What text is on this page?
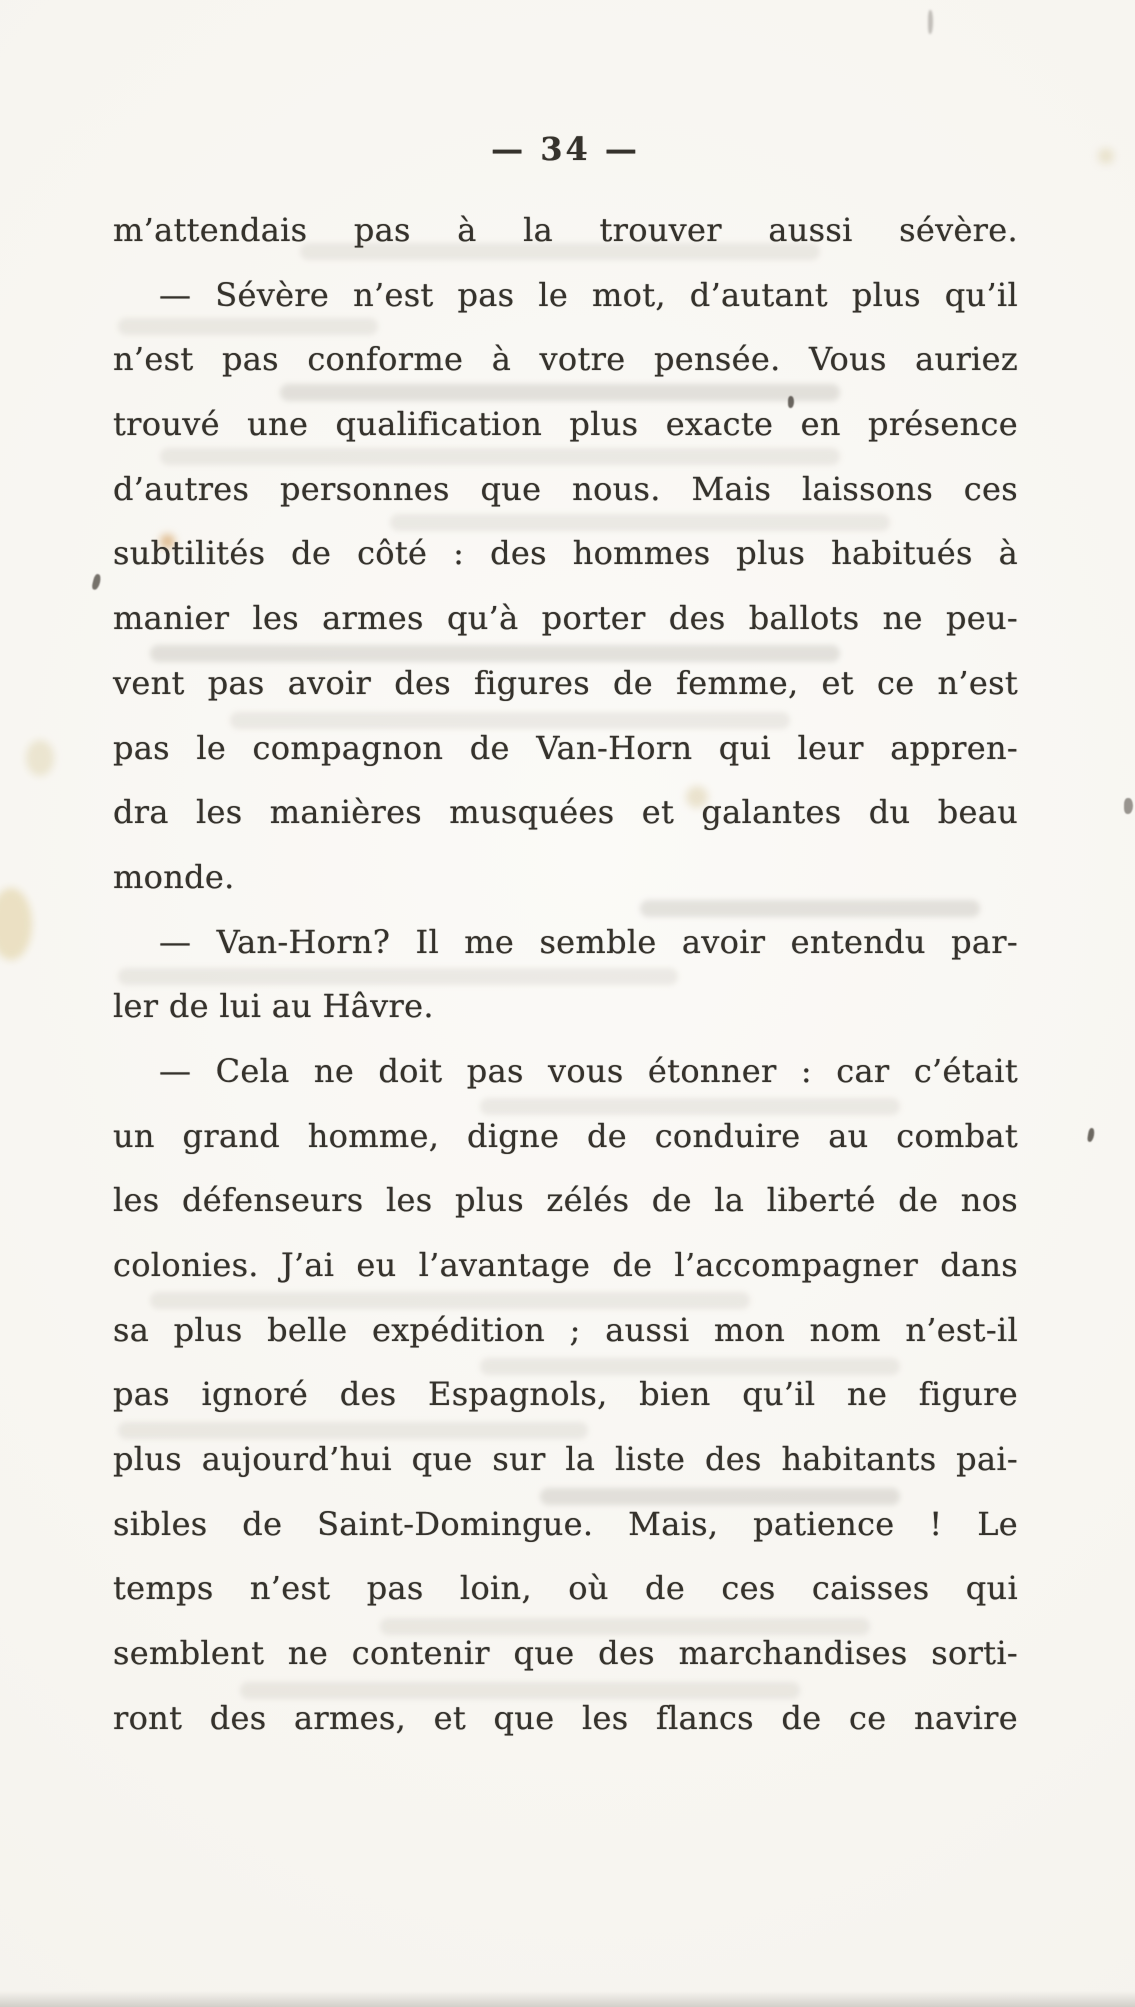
— 34 —
m’attendais pas à la trouver aussi sévère.
— Sévère n’est pas le mot, d’autant plus qu’il
n’est pas conforme à votre pensée. Vous auriez
trouvé une qualification plus exacte en présence
d’autres personnes que nous. Mais laissons ces
subtilités de côté : des hommes plus habitués à
manier les armes qu’à porter des ballots ne peu-
vent pas avoir des figures de femme, et ce n’est
pas le compagnon de Van-Horn qui leur appren-
dra les manières musquées et galantes du beau
monde.
— Van-Horn? Il me semble avoir entendu par-
ler de lui au Hâvre.
— Cela ne doit pas vous étonner : car c’était
un grand homme, digne de conduire au combat
les défenseurs les plus zélés de la liberté de nos
colonies. J’ai eu l’avantage de l’accompagner dans
sa plus belle expédition ; aussi mon nom n’est-il
pas ignoré des Espagnols, bien qu’il ne figure
plus aujourd’hui que sur la liste des habitants pai-
sibles de Saint-Domingue. Mais, patience ! Le
temps n’est pas loin, où de ces caisses qui
semblent ne contenir que des marchandises sorti-
ront des armes, et que les flancs de ce navire
